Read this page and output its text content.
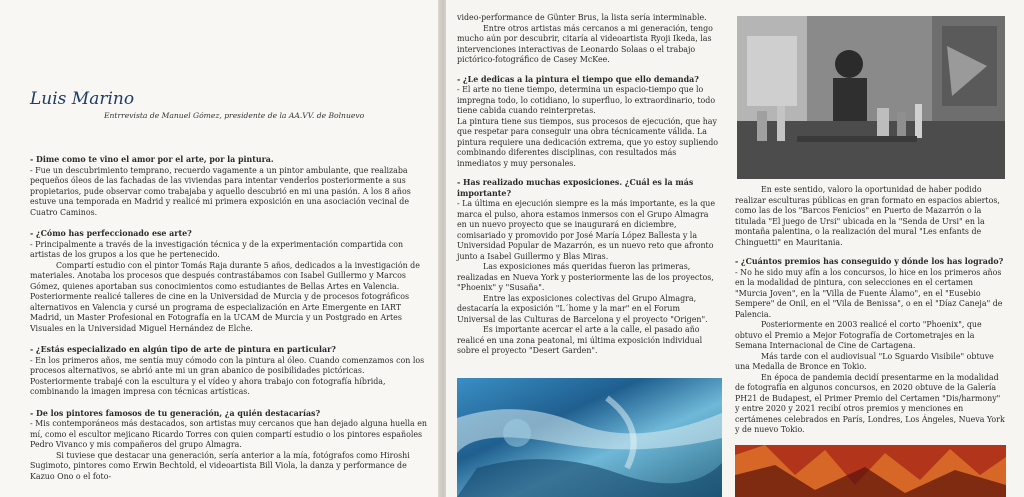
Luis Marino
Entrrevista de Manuel Gómez, presidente de la AA.VV. de Bolnuevo

- Dime como te vino el amor por el arte, por la pintura.

- Fue un descubrimiento temprano, recuerdo vagamente a un pintor ambulante, que realizaba pequeños óleos de las fachadas de las viviendas para intentar venderlos posteriormente a sus propietarios, pude observar como trabajaba y aquello descubrió en mi una pasión. A los 8 años estuve una temporada en Madrid y realicé mi primera exposición en una asociación vecinal de Cuatro Caminos.

- ¿Cómo has perfeccionado ese arte?

- Principalmente a través de la investigación técnica y de la experimentación compartida con artistas de los grupos a los que he pertenecido.

Compartí estudio con el pintor Tomás Raja durante 5 años, dedicados a la investigación de materiales. Anotaba los procesos que después contrastábamos con Isabel Guillermo y Marcos Gómez, quienes aportaban sus conocimientos como estudiantes de Bellas Artes en Valencia.

Posteriormente realicé talleres de cine en la Universidad de Murcia y de procesos fotográficos alternativos en Valencia y cursé un programa de especialización en Arte Emergente en IART Madrid, un Master Profesional en Fotografía en la UCAM de Murcia y un Postgrado en Artes Visuales en la Universidad Miguel Hernández de Elche.

- ¿Estás especializado en algún tipo de arte de pintura en particular?

- En los primeros años, me sentía muy cómodo con la pintura al óleo. Cuando comenzamos con los procesos alternativos, se abrió ante mi un gran abanico de posibilidades pictóricas. Posteriormente trabajé con la escultura y el vídeo y ahora trabajo con fotografía híbrida, combinando la imagen impresa con técnicas artísticas.

- De los pintores famosos de tu generación, ¿a quién destacarías?

- Mis contemporáneos más destacados, son artistas muy cercanos que han dejado alguna huella en mí, como el escultor mejicano Ricardo Torres con quien compartí estudio o los pintores españoles Pedro Vivanco y mis compañeros del grupo Almagra.

Si tuviese que destacar una generación, sería anterior a la mía, fotógrafos como Hiroshi Sugimoto, pintores como Erwin Bechtold, el videoartista Bill Viola, la danza y performance de Kazuo Ono o el foto-

video-performance de Günter Brus, la lista sería interminable.

Entre otros artistas más cercanos a mi generación, tengo mucho aún por descubrir, citaría al videoartista Ryoji Ikeda, las intervenciones interactivas de Leonardo Solaas o el trabajo pictórico-fotográfico de Casey McKee.

- ¿Le dedicas a la pintura el tiempo que ello demanda?

- El arte no tiene tiempo, determina un espacio-tiempo que lo impregna todo, lo cotidiano, lo superfluo, lo extraordinario, todo tiene cabida cuando reinterpretas.

La pintura tiene sus tiempos, sus procesos de ejecución, que hay que respetar para conseguir una obra técnicamente válida. La pintura requiere una dedicación extrema, que yo estoy supliendo combinando diferentes disciplinas, con resultados más inmediatos y muy personales.

- Has realizado muchas exposiciones. ¿Cuál es la más importante?

- La última en ejecución siempre es la más importante, es la que marca el pulso, ahora estamos inmersos con el Grupo Almagra en un nuevo proyecto que se inaugurará en diciembre, comisariado y promovido por José María López Ballesta y la Universidad Popular de Mazarrón, es un nuevo reto que afronto junto a Isabel Guillermo y Blas Miras.

Las exposiciones más queridas fueron las primeras, realizadas en Nueva York y posteriormente las de los proyectos, "Phoenix" y "Susaña".

Entre las exposiciones colectivas del Grupo Almagra, destacaría la exposición "L´home y la mar" en el Forum Universal de las Culturas de Barcelona y el proyecto "Origen".

Es importante acercar el arte a la calle, el pasado año realicé en una zona peatonal, mi última exposición individual sobre el proyecto "Desert Garden".

En este sentido, valoro la oportunidad de haber podido realizar esculturas públicas en gran formato en espacios abiertos, como las de los "Barcos Fenicios" en Puerto de Mazarrón o la titulada "El juego de Ursi" ubicada en la "Senda de Ursi" en la montaña palentina, o la realización del mural "Les enfants de Chinguetti" en Mauritania.

- ¿Cuántos premios has conseguido y dónde los has logrado?

- No he sido muy afín a los concursos, lo hice en los primeros años en la modalidad de pintura, con selecciones en el certamen "Murcia Joven", en la "Villa de Fuente Álamo", en el "Eusebio Sempere" de Onil, en el "Vila de Benissa", o en el "Díaz Caneja" de Palencia.

Posteriormente en 2003 realicé el corto "Phoenix", que obtuvo el Premio a Mejor Fotografía de Cortometrajes en la Semana Internacional de Cine de Cartagena.

Más tarde con el audiovisual "Lo Sguardo Visibile" obtuve una Medalla de Bronce en Tokio.

En época de pandemia decidí presentarme en la modalidad de fotografía en algunos concursos, en 2020 obtuve de la Galería PH21 de Budapest, el Primer Premio del Certamen "Dis/harmony" y entre 2020 y 2021 recibí otros premios y menciones en certámenes celebrados en París, Londres, Los Ángeles, Nueva York y de nuevo Tokio.
